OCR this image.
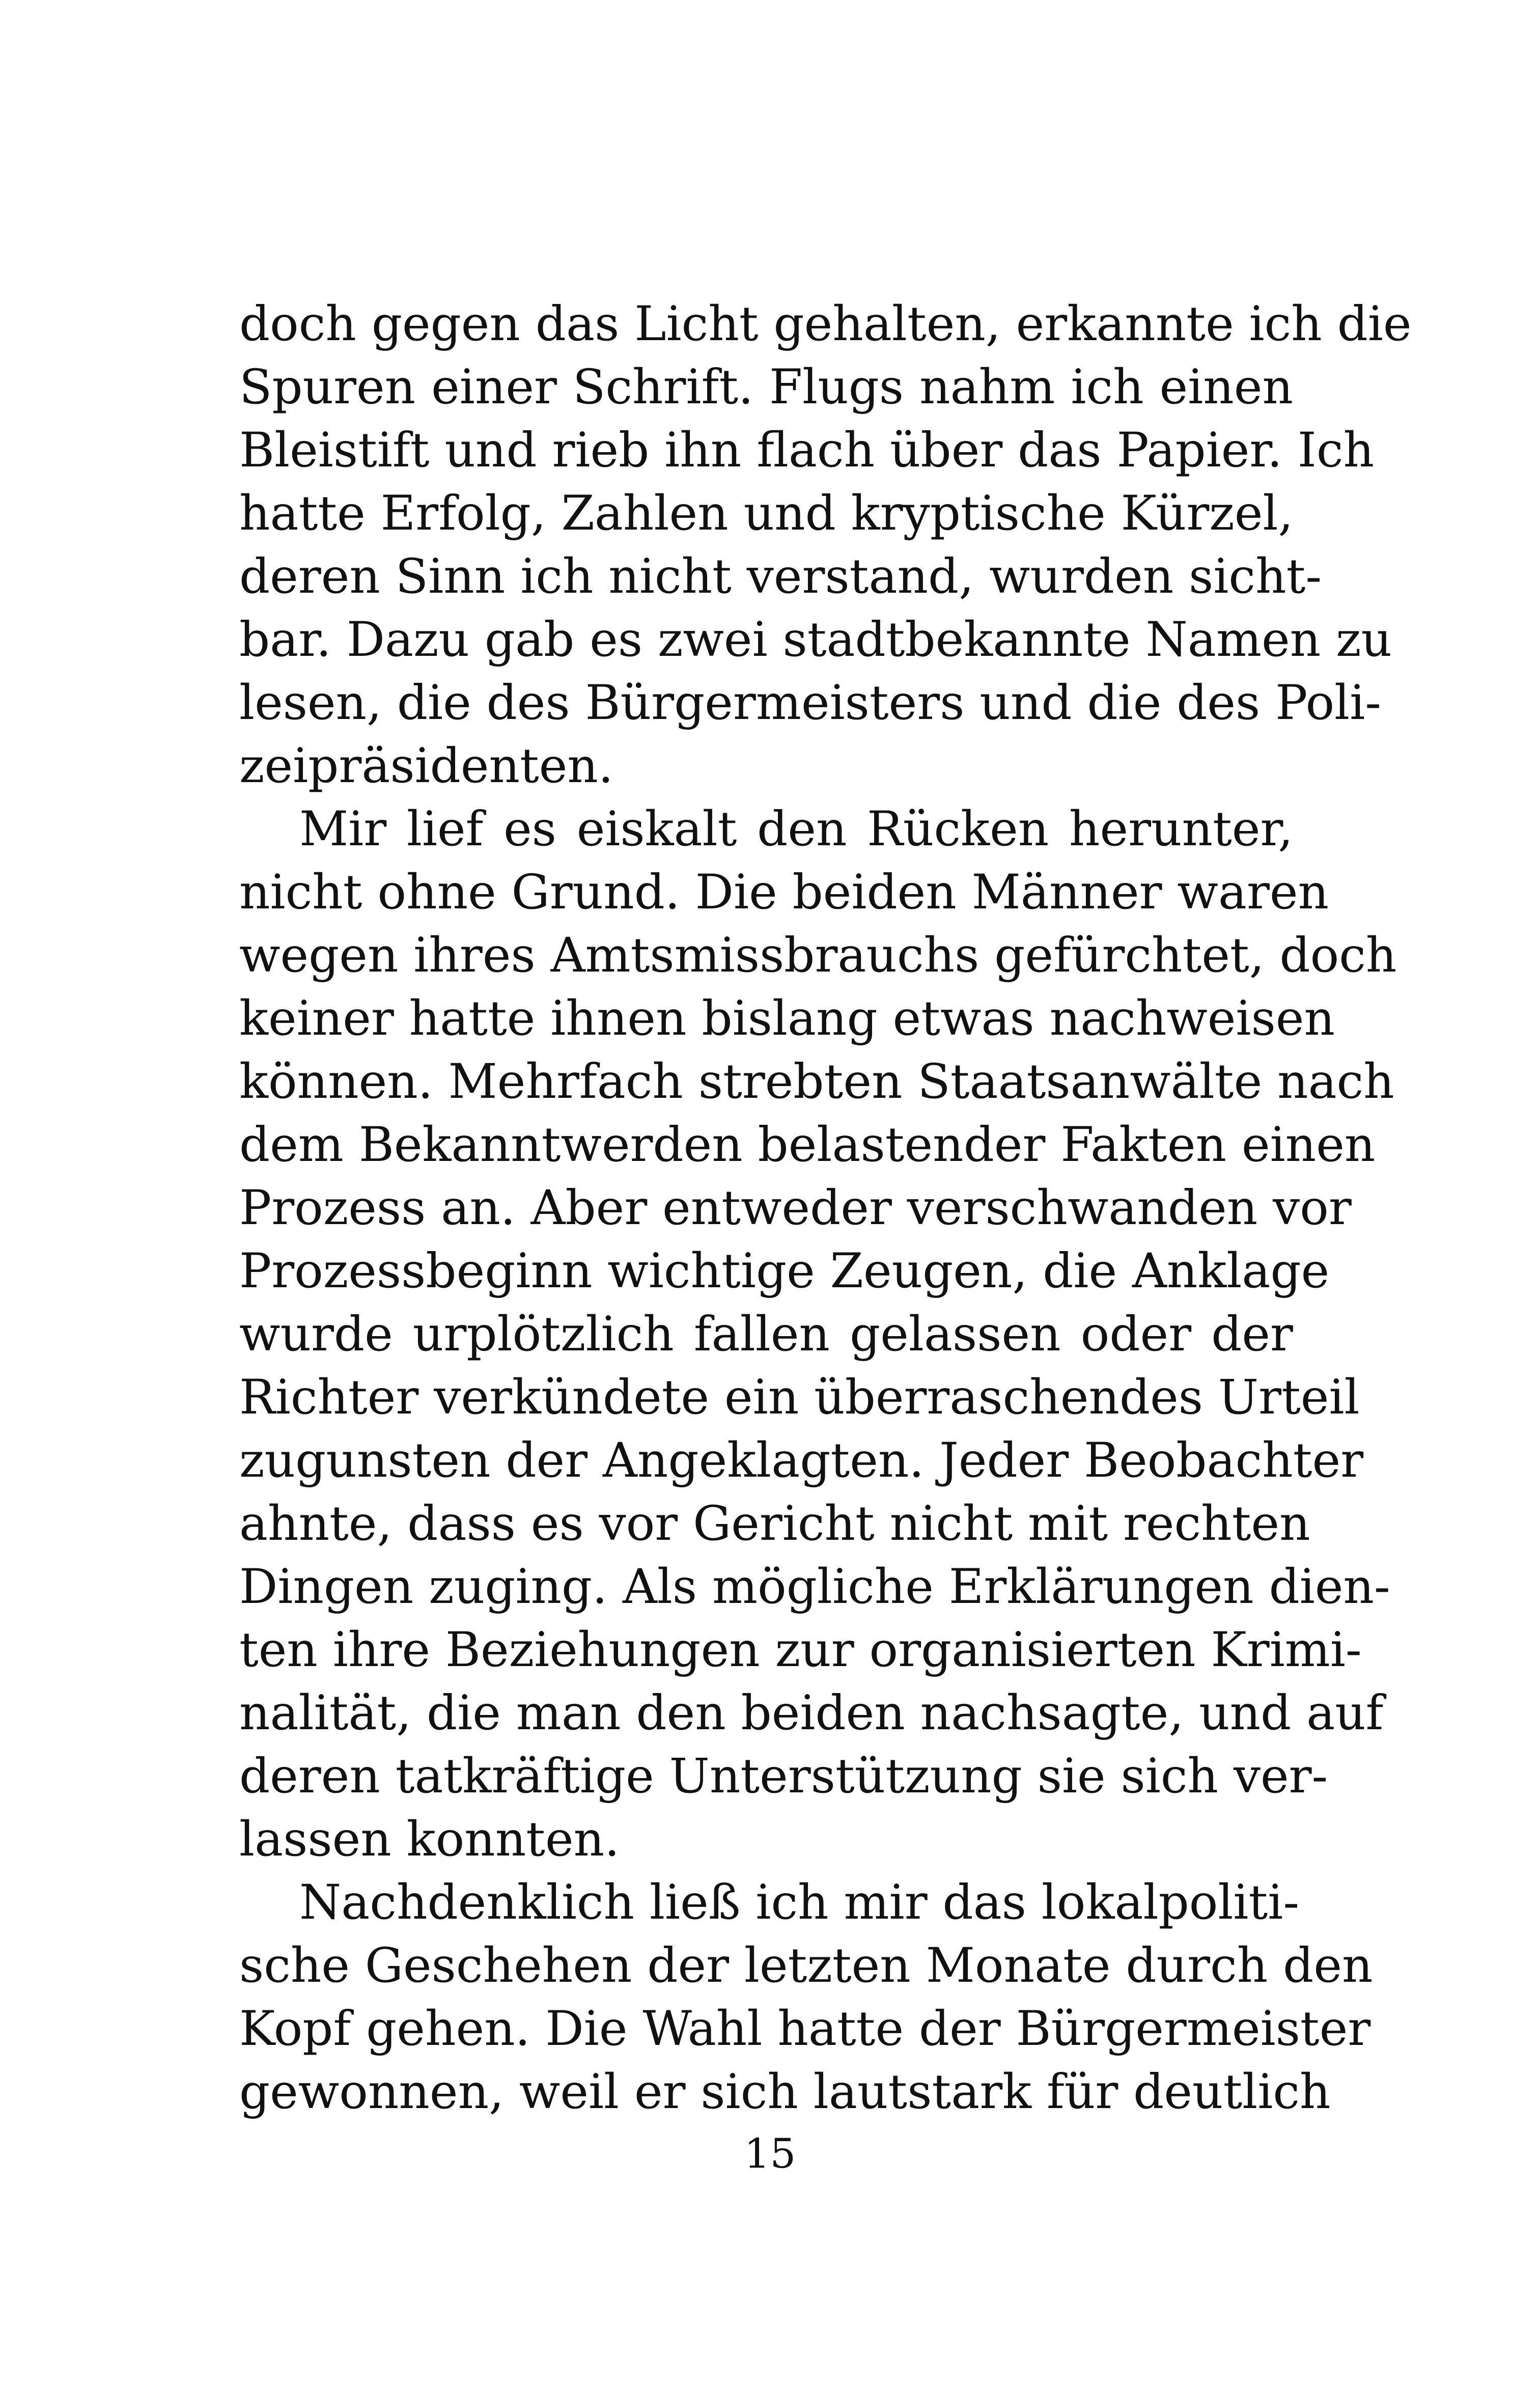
doch gegen das Licht gehalten, erkannte ich die
Spuren einer Schrift. Flugs nahm ich einen
Bleistift und rieb ihn flach über das Papier. Ich
hatte Erfolg, Zahlen und kryptische Kürzel,
deren Sinn ich nicht verstand, wurden sicht-
bar. Dazu gab es zwei stadtbekannte Namen zu
lesen, die des Bürgermeisters und die des Poli-
zeipräsidenten.
Mir lief es eiskalt den Rücken herunter,
nicht ohne Grund. Die beiden Männer waren
wegen ihres Amtsmissbrauchs gefürchtet, doch
keiner hatte ihnen bislang etwas nachweisen
können. Mehrfach strebten Staatsanwälte nach
dem Bekanntwerden belastender Fakten einen
Prozess an. Aber entweder verschwanden vor
Prozessbeginn wichtige Zeugen, die Anklage
wurde urplötzlich fallen gelassen oder der
Richter verkündete ein überraschendes Urteil
zugunsten der Angeklagten. Jeder Beobachter
ahnte, dass es vor Gericht nicht mit rechten
Dingen zuging. Als mögliche Erklärungen dien-
ten ihre Beziehungen zur organisierten Krimi-
nalität, die man den beiden nachsagte, und auf
deren tatkräftige Unterstützung sie sich ver-
lassen konnten.
Nachdenklich ließ ich mir das lokalpoliti-
sche Geschehen der letzten Monate durch den
Kopf gehen. Die Wahl hatte der Bürgermeister
gewonnen, weil er sich lautstark für deutlich
15
